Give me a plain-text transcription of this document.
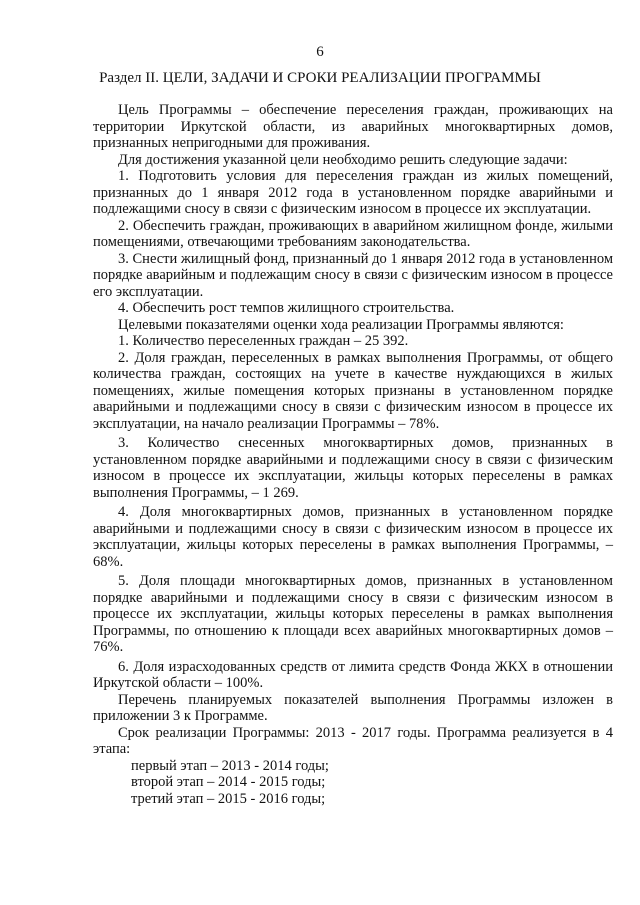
6
Раздел II. ЦЕЛИ, ЗАДАЧИ И СРОКИ РЕАЛИЗАЦИИ ПРОГРАММЫ

Цель Программы – обеспечение переселения граждан, проживающих на территории Иркутской области, из аварийных многоквартирных домов, признанных непригодными для проживания.

Для достижения указанной цели необходимо решить следующие задачи:

1. Подготовить условия для переселения граждан из жилых помещений, признанных до 1 января 2012 года в установленном порядке аварийными и подлежащими сносу в связи с физическим износом в процессе их эксплуатации.

2. Обеспечить граждан, проживающих в аварийном жилищном фонде, жилыми помещениями, отвечающими требованиям законодательства.

3. Снести жилищный фонд, признанный до 1 января 2012 года в установленном порядке аварийным и подлежащим сносу в связи с физическим износом в процессе его эксплуатации.

4. Обеспечить рост темпов жилищного строительства.

Целевыми показателями оценки хода реализации Программы являются:

1. Количество переселенных граждан – 25 392.

2. Доля граждан, переселенных в рамках выполнения Программы, от общего количества граждан, состоящих на учете в качестве нуждающихся в жилых помещениях, жилые помещения которых признаны в установленном порядке аварийными и подлежащими сносу в связи с физическим износом в процессе их эксплуатации, на начало реализации Программы – 78%.

3. Количество снесенных многоквартирных домов, признанных в установленном порядке аварийными и подлежащими сносу в связи с физическим износом в процессе их эксплуатации, жильцы которых переселены в рамках выполнения Программы, – 1 269.

4. Доля многоквартирных домов, признанных в установленном порядке аварийными и подлежащими сносу в связи с физическим износом в процессе их эксплуатации, жильцы которых переселены в рамках выполнения Программы, – 68%.

5. Доля площади многоквартирных домов, признанных в установленном порядке аварийными и подлежащими сносу в связи с физическим износом в процессе их эксплуатации, жильцы которых переселены в рамках выполнения Программы, по отношению к площади всех аварийных многоквартирных домов – 76%.

6. Доля израсходованных средств от лимита средств Фонда ЖКХ в отношении Иркутской области – 100%.

Перечень планируемых показателей выполнения Программы изложен в приложении 3 к Программе.

Срок реализации Программы: 2013 - 2017 годы. Программа реализуется в 4 этапа:

первый этап – 2013 - 2014 годы;

второй этап – 2014 - 2015 годы;

третий этап – 2015 - 2016 годы;
